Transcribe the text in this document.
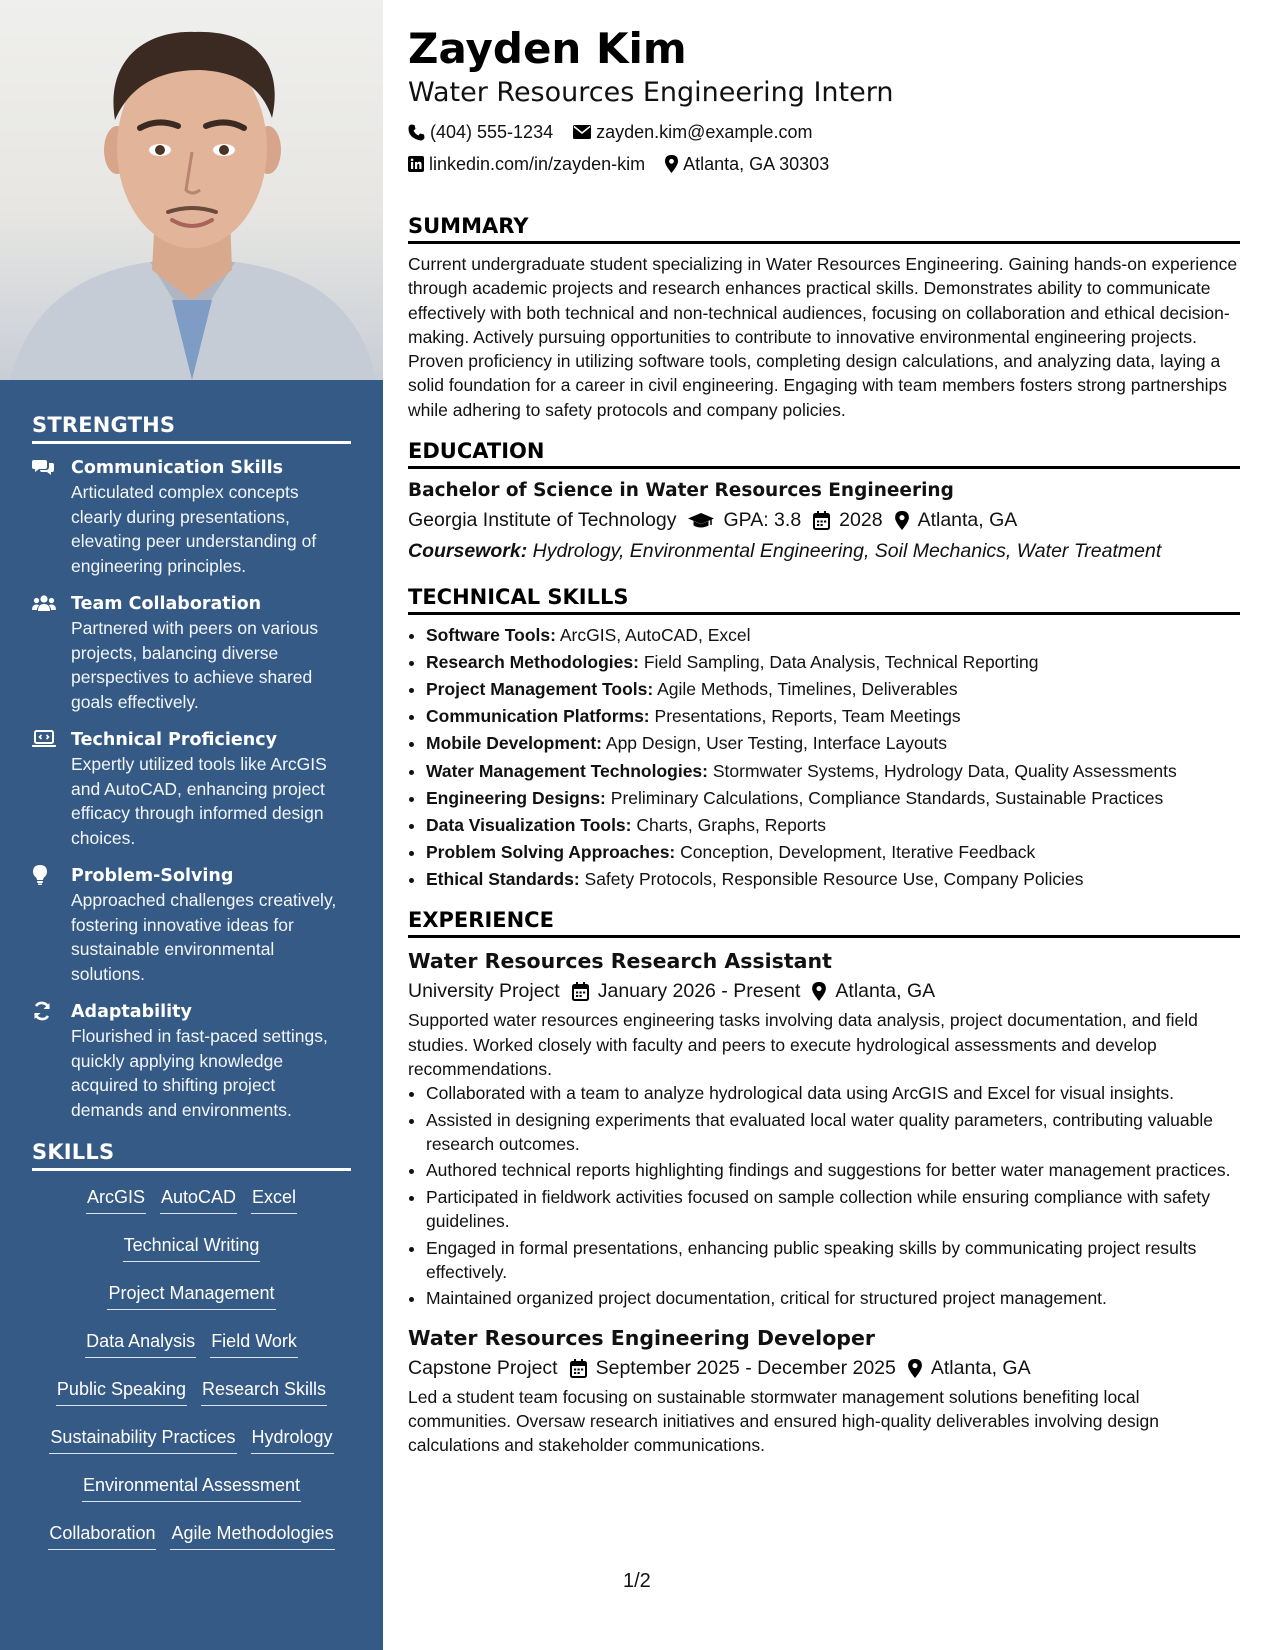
STRENGTHS
Communication Skills
Articulated complex concepts clearly during presentations, elevating peer understanding of engineering principles.
Team Collaboration
Partnered with peers on various projects, balancing diverse perspectives to achieve shared goals effectively.
Technical Proficiency
Expertly utilized tools like ArcGIS and AutoCAD, enhancing project efficacy through informed design choices.
Problem-Solving
Approached challenges creatively, fostering innovative ideas for sustainable environmental solutions.
Adaptability
Flourished in fast-paced settings, quickly applying knowledge acquired to shifting project demands and environments.
SKILLS
ArcGIS AutoCAD Excel
Technical Writing
Project Management
Data Analysis Field Work
Public Speaking Research Skills
Sustainability Practices Hydrology
Environmental Assessment
Collaboration Agile Methodologies
Zayden Kim
Water Resources Engineering Intern
(404) 555-1234 zayden.kim@example.com
linkedin.com/in/zayden-kim Atlanta, GA 30303
SUMMARY

Current undergraduate student specializing in Water Resources Engineering. Gaining hands-on experience through academic projects and research enhances practical skills. Demonstrates ability to communicate effectively with both technical and non-technical audiences, focusing on collaboration and ethical decision-making. Actively pursuing opportunities to contribute to innovative environmental engineering projects. Proven proficiency in utilizing software tools, completing design calculations, and analyzing data, laying a solid foundation for a career in civil engineering. Engaging with team members fosters strong partnerships while adhering to safety protocols and company policies.

EDUCATION
Bachelor of Science in Water Resources Engineering
Georgia Institute of Technology GPA: 3.8 2028 Atlanta, GA
Coursework: Hydrology, Environmental Engineering, Soil Mechanics, Water Treatment
TECHNICAL SKILLS
• Software Tools: ArcGIS, AutoCAD, Excel
• Research Methodologies: Field Sampling, Data Analysis, Technical Reporting
• Project Management Tools: Agile Methods, Timelines, Deliverables
• Communication Platforms: Presentations, Reports, Team Meetings
• Mobile Development: App Design, User Testing, Interface Layouts
• Water Management Technologies: Stormwater Systems, Hydrology Data, Quality Assessments
• Engineering Designs: Preliminary Calculations, Compliance Standards, Sustainable Practices
• Data Visualization Tools: Charts, Graphs, Reports
• Problem Solving Approaches: Conception, Development, Iterative Feedback
• Ethical Standards: Safety Protocols, Responsible Resource Use, Company Policies
EXPERIENCE
Water Resources Research Assistant
University Project January 2026 - Present Atlanta, GA

Supported water resources engineering tasks involving data analysis, project documentation, and field studies. Worked closely with faculty and peers to execute hydrological assessments and develop recommendations.

• Collaborated with a team to analyze hydrological data using ArcGIS and Excel for visual insights.
• Assisted in designing experiments that evaluated local water quality parameters, contributing valuable research outcomes.
• Authored technical reports highlighting findings and suggestions for better water management practices.
• Participated in fieldwork activities focused on sample collection while ensuring compliance with safety guidelines.
• Engaged in formal presentations, enhancing public speaking skills by communicating project results effectively.
• Maintained organized project documentation, critical for structured project management.
Water Resources Engineering Developer
Capstone Project September 2025 - December 2025 Atlanta, GA

Led a student team focusing on sustainable stormwater management solutions benefiting local communities. Oversaw research initiatives and ensured high-quality deliverables involving design calculations and stakeholder communications.

1/2
